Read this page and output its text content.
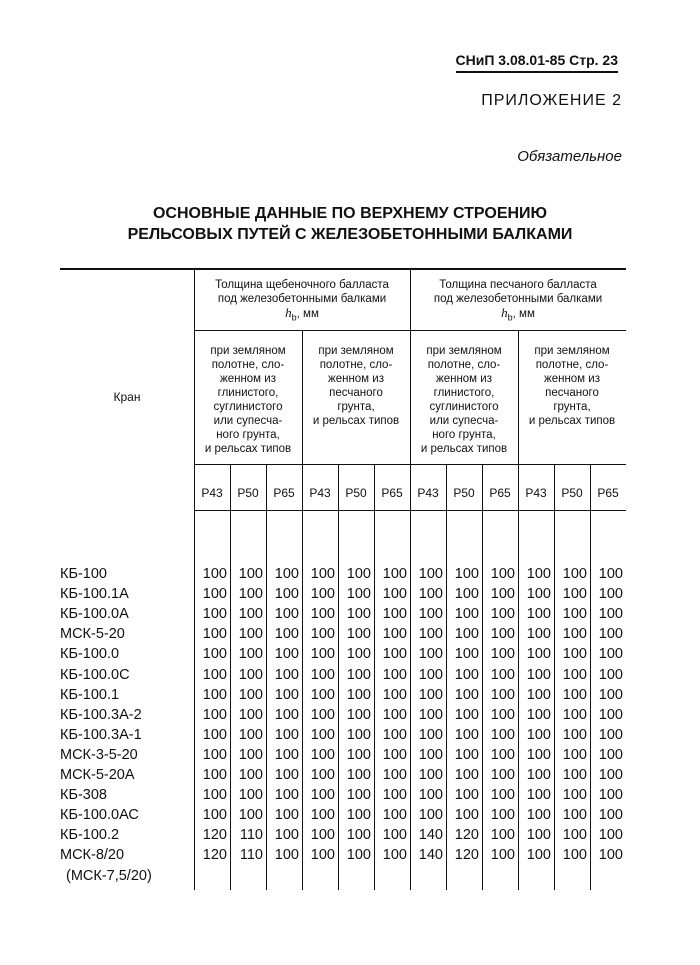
СНиП 3.08.01-85 Стр. 23
ПРИЛОЖЕНИЕ 2
Обязательное
ОСНОВНЫЕ ДАННЫЕ ПО ВЕРХНЕМУ СТРОЕНИЮ
РЕЛЬСОВЫХ ПУТЕЙ С ЖЕЛЕЗОБЕТОННЫМИ БАЛКАМИ
Кран
Толщина щебеночного балласта
под железобетонными балками
$h_b$, мм
Толщина песчаного балласта
под железобетонными балками
$h_b$, мм
при земляном
полотне, сло-
женном из
глинистого,
суглинистого
или супесча-
ного грунта,
и рельсах типов
при земляном
полотне, сло-
женном из
песчаного
грунта,
и рельсах типов
при земляном
полотне, сло-
женном из
глинистого,
суглинистого
или супесча-
ного грунта,
и рельсах типов
при земляном
полотне, сло-
женном из
песчаного
грунта,
и рельсах типов
Р43	Р50	Р65	Р43	Р50	Р65	Р43	Р50	Р65	Р43	Р50	Р65
КБ-100	100 100 100 100 100 100 100 100 100 100 100 100
КБ-100.1А	100 100 100 100 100 100 100 100 100 100 100 100
КБ-100.0А	100 100 100 100 100 100 100 100 100 100 100 100
МСК-5-20	100 100 100 100 100 100 100 100 100 100 100 100
КБ-100.0	100 100 100 100 100 100 100 100 100 100 100 100
КБ-100.0С	100 100 100 100 100 100 100 100 100 100 100 100
КБ-100.1	100 100 100 100 100 100 100 100 100 100 100 100
КБ-100.3А-2	100 100 100 100 100 100 100 100 100 100 100 100
КБ-100.3А-1	100 100 100 100 100 100 100 100 100 100 100 100
МСК-3-5-20	100 100 100 100 100 100 100 100 100 100 100 100
МСК-5-20А	100 100 100 100 100 100 100 100 100 100 100 100
КБ-308	100 100 100 100 100 100 100 100 100 100 100 100
КБ-100.0АС	100 100 100 100 100 100 100 100 100 100 100 100
КБ-100.2	120 110 100 100 100 100 140 120 100 100 100 100
МСК-8/20	120 110 100 100 100 100 140 120 100 100 100 100
(МСК-7,5/20)
